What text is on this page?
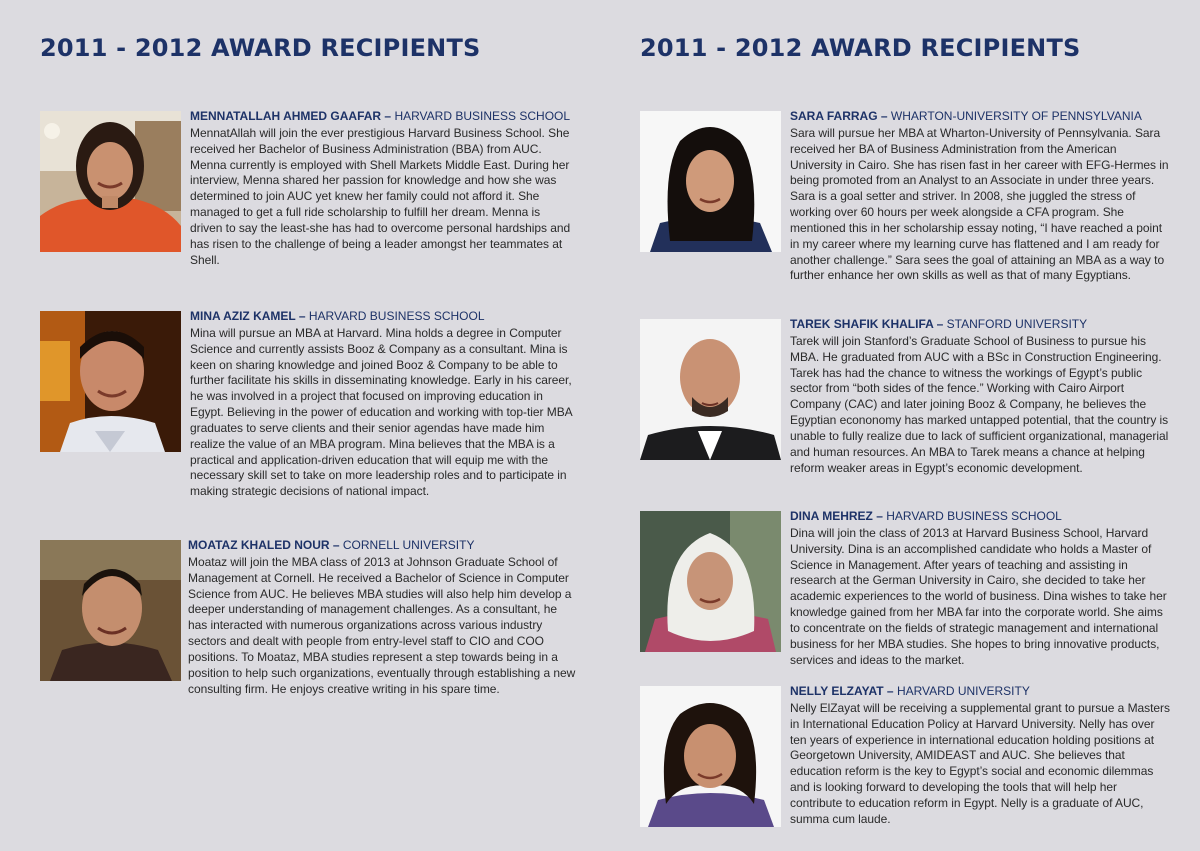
2011 - 2012 AWARD RECIPIENTS

MENNATALLAH AHMED GAAFAR – HARVARD BUSINESS SCHOOL

MennatAllah will join the ever prestigious Harvard Business School. She received her Bachelor of Business Administration (BBA) from AUC. Menna currently is employed with Shell Markets Middle East. During her interview, Menna shared her passion for knowledge and how she was determined to join AUC yet knew her family could not afford it. She managed to get a full ride scholarship to fulfill her dream. Menna is driven to say the least-she has had to overcome personal hardships and has risen to the challenge of being a leader amongst her teammates at Shell.

MINA AZIZ KAMEL – HARVARD BUSINESS SCHOOL

Mina will pursue an MBA at Harvard. Mina holds a degree in Computer Science and currently assists Booz & Company as a consultant. Mina is keen on sharing knowledge and joined Booz & Company to be able to further facilitate his skills in disseminating knowledge. Early in his career, he was involved in a project that focused on improving education in Egypt. Believing in the power of education and working with top-tier MBA graduates to serve clients and their senior agendas have made him realize the value of an MBA program. Mina believes that the MBA is a practical and application-driven education that will equip me with the necessary skill set to take on more leadership roles and to participate in making strategic decisions of national impact.

MOATAZ KHALED NOUR – CORNELL UNIVERSITY

Moataz will join the MBA class of 2013 at Johnson Graduate School of Management at Cornell. He received a Bachelor of Science in Computer Science from AUC. He believes MBA studies will also help him develop a deeper understanding of management challenges. As a consultant, he has interacted with numerous organizations across various industry sectors and dealt with people from entry-level staff to CIO and COO positions. To Moataz, MBA studies represent a step towards being in a position to help such organizations, eventually through establishing a new consulting firm. He enjoys creative writing in his spare time.

2011 - 2012 AWARD RECIPIENTS

SARA FARRAG – WHARTON-UNIVERSITY OF PENNSYLVANIA

Sara will pursue her MBA at Wharton-University of Pennsylvania. Sara received her BA of Business Administration from the American University in Cairo. She has risen fast in her career with EFG-Hermes in being promoted from an Analyst to an Associate in under three years. Sara is a goal setter and striver. In 2008, she juggled the stress of working over 60 hours per week alongside a CFA program. She mentioned this in her scholarship essay noting, “I have reached a point in my career where my learning curve has flattened and I am ready for another challenge.” Sara sees the goal of attaining an MBA as a way to further enhance her own skills as well as that of many Egyptians.

TAREK SHAFIK KHALIFA – STANFORD UNIVERSITY

Tarek will join Stanford’s Graduate School of Business to pursue his MBA. He graduated from AUC with a BSc in Construction Engineering. Tarek has had the chance to witness the workings of Egypt’s public sector from “both sides of the fence.” Working with Cairo Airport Company (CAC) and later joining Booz & Company, he believes the Egyptian econonomy has marked untapped potential, that the country is unable to fully realize due to lack of sufficient organizational, managerial and human resources. An MBA to Tarek means a chance at helping reform weaker areas in Egypt’s economic development.

DINA MEHREZ – HARVARD BUSINESS SCHOOL

Dina will join the class of 2013 at Harvard Business School, Harvard University. Dina is an accomplished candidate who holds a Master of Science in Management. After years of teaching and assisting in research at the German University in Cairo, she decided to take her academic experiences to the world of business. Dina wishes to take her knowledge gained from her MBA far into the corporate world. She aims to concentrate on the fields of strategic management and international business for her MBA studies. She hopes to bring innovative products, services and ideas to the market.

NELLY ELZAYAT – HARVARD UNIVERSITY

Nelly ElZayat will be receiving a supplemental grant to pursue a Masters in International Education Policy at Harvard University. Nelly has over ten years of experience in international education holding positions at Georgetown University, AMIDEAST and AUC. She believes that education reform is the key to Egypt’s social and economic dilemmas and is looking forward to developing the tools that will help her contribute to education reform in Egypt. Nelly is a graduate of AUC, summa cum laude.
